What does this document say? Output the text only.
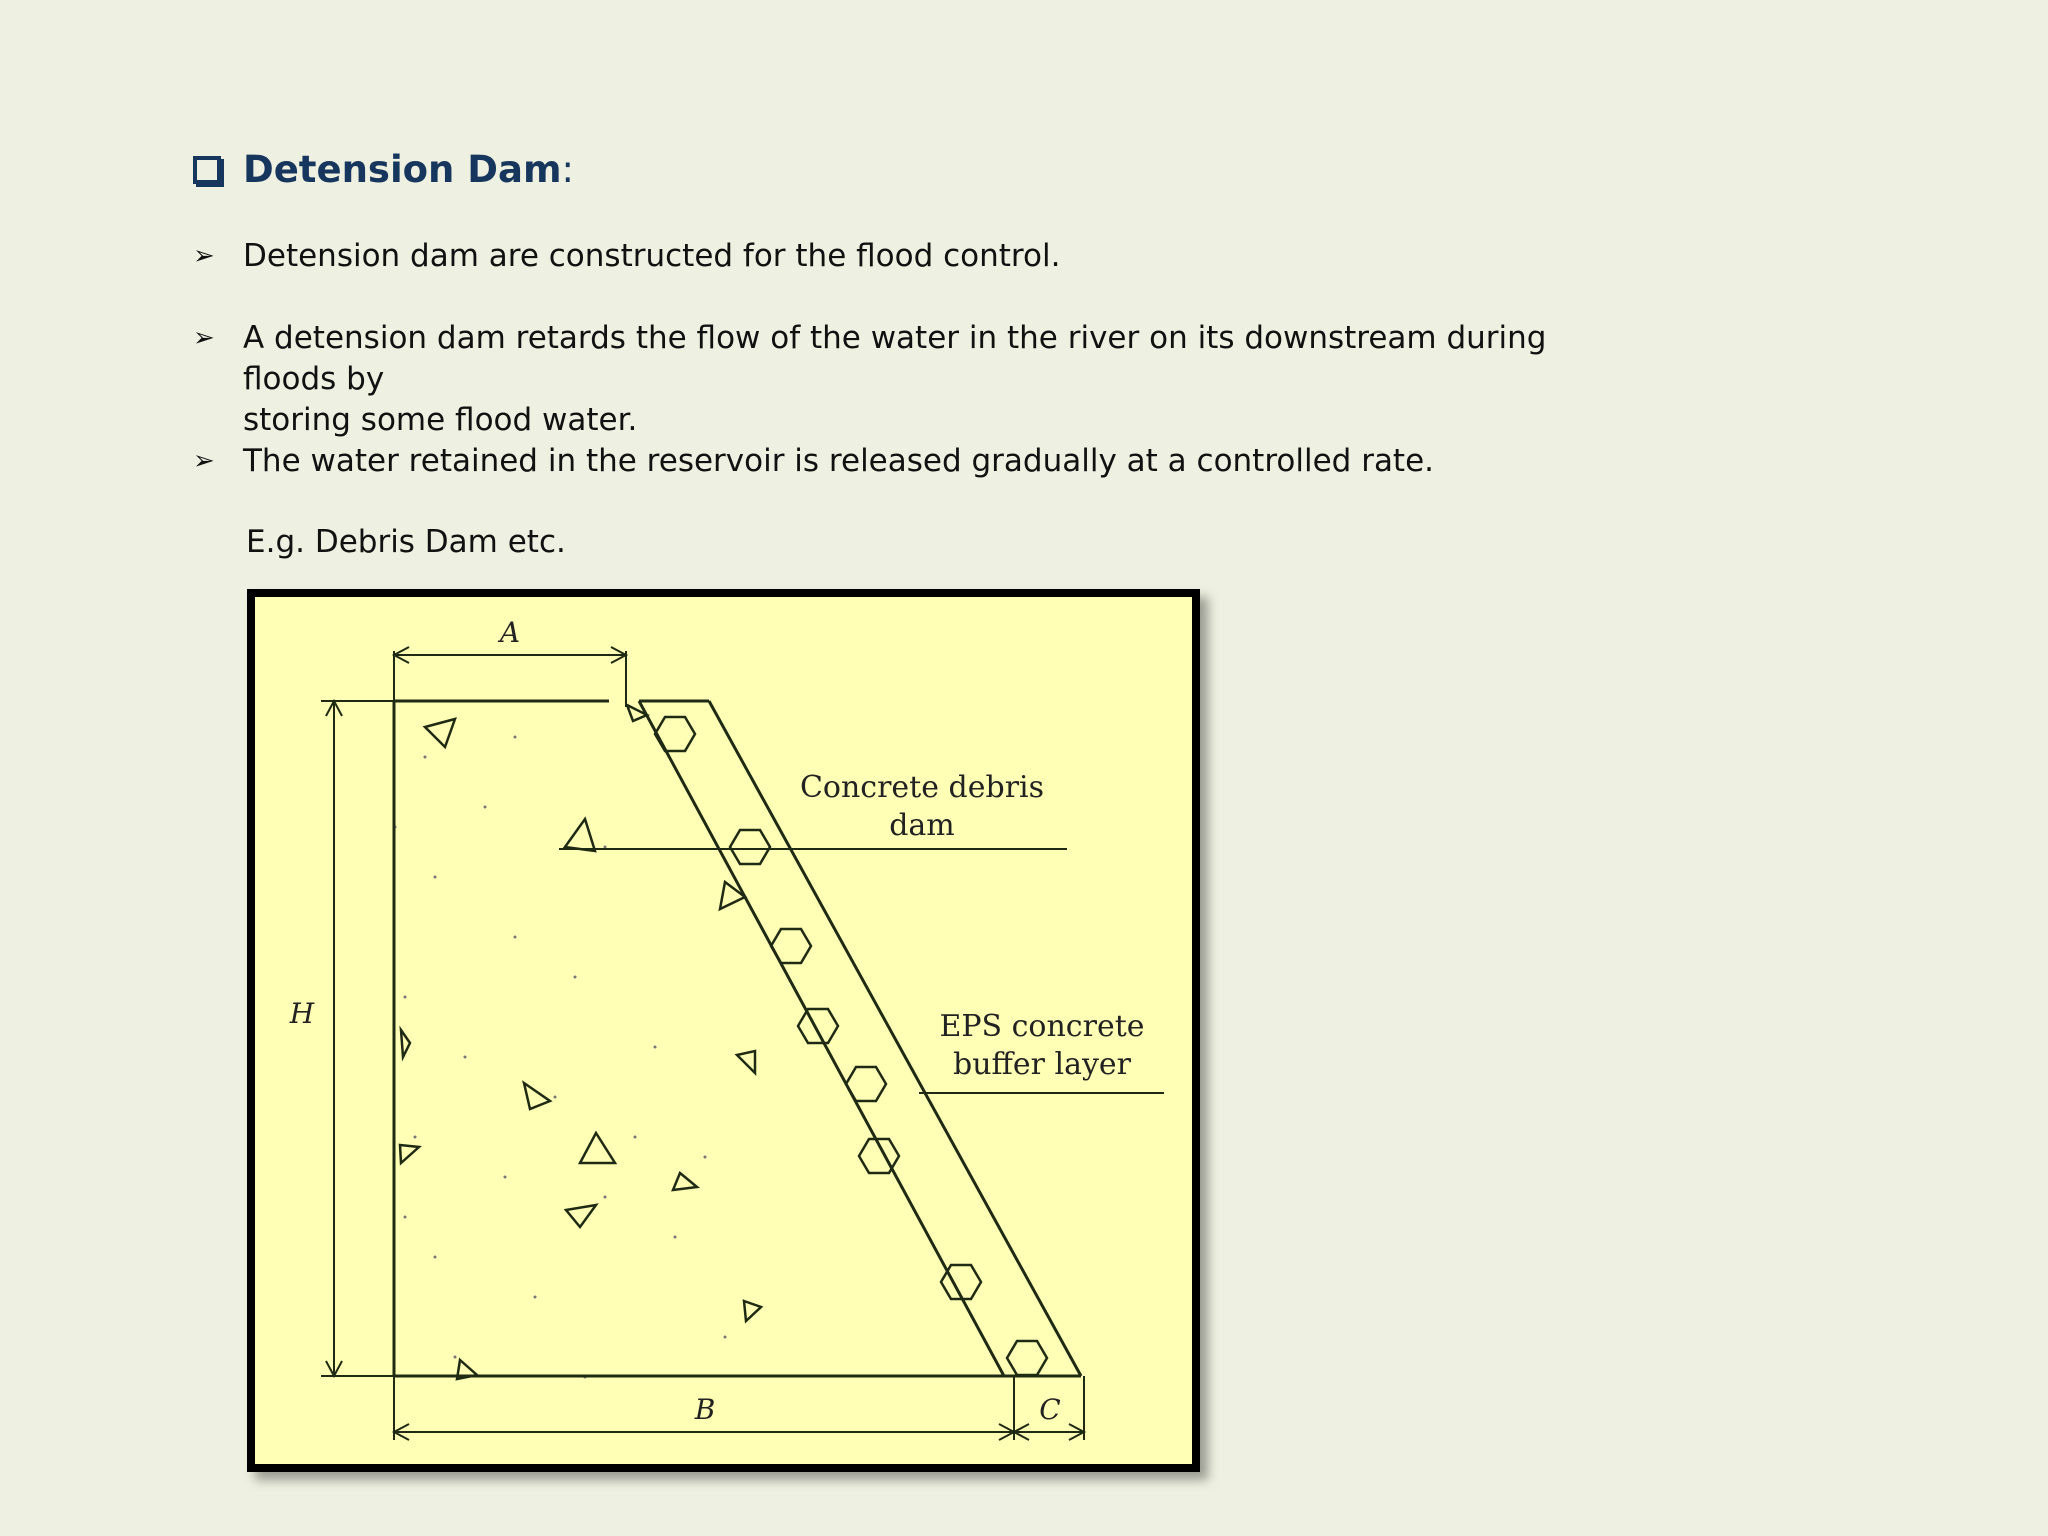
Detension Dam :
➢ Detension dam are constructed for the flood control.
➢ A detension dam retards the flow of the water in the river on its downstream during floods by
storing some flood water.
➢ The water retained in the reservoir is released gradually at a controlled rate.
E.g. Debris Dam etc.
A
H
B	C
Concrete debris
dam
EPS concrete
buffer layer
